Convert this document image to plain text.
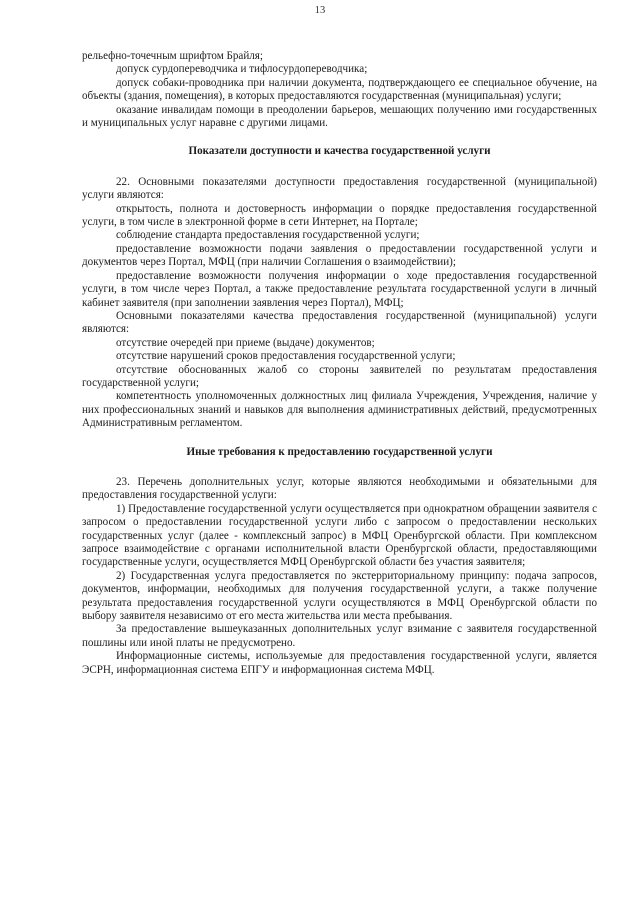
13

рельефно-точечным шрифтом Брайля;

допуск сурдопереводчика и тифлосурдопереводчика;

допуск собаки-проводника при наличии документа, подтверждающего ее специальное обучение, на объекты (здания, помещения), в которых предоставляются государственная (муниципальная) услуги;

оказание инвалидам помощи в преодолении барьеров, мешающих получению ими государственных и муниципальных услуг наравне с другими лицами.

Показатели доступности и качества государственной услуги

22. Основными показателями доступности предоставления государственной (муниципальной) услуги являются:

открытость, полнота и достоверность информации о порядке предоставления государственной услуги, в том числе в электронной форме в сети Интернет, на Портале;

соблюдение стандарта предоставления государственной услуги;

предоставление возможности подачи заявления о предоставлении государственной услуги и документов через Портал, МФЦ (при наличии Соглашения о взаимодействии);

предоставление возможности получения информации о ходе предоставления государственной услуги, в том числе через Портал, а также предоставление результата государственной услуги в личный кабинет заявителя (при заполнении заявления через Портал), МФЦ;

Основными показателями качества предоставления государственной (муниципальной) услуги являются:

отсутствие очередей при приеме (выдаче) документов;

отсутствие нарушений сроков предоставления государственной услуги;

отсутствие обоснованных жалоб со стороны заявителей по результатам предоставления государственной услуги;

компетентность уполномоченных должностных лиц филиала Учреждения, Учреждения, наличие у них профессиональных знаний и навыков для выполнения административных действий, предусмотренных Административным регламентом.

Иные требования к предоставлению государственной услуги

23. Перечень дополнительных услуг, которые являются необходимыми и обязательными для предоставления государственной услуги:

1) Предоставление государственной услуги осуществляется при однократном обращении заявителя с запросом о предоставлении государственной услуги либо с запросом о предоставлении нескольких государственных услуг (далее - комплексный запрос) в МФЦ Оренбургской области. При комплексном запросе взаимодействие с органами исполнительной власти Оренбургской области, предоставляющими государственные услуги, осуществляется МФЦ Оренбургской области без участия заявителя;

2) Государственная услуга предоставляется по экстерриториальному принципу: подача запросов, документов, информации, необходимых для получения государственной услуги, а также получение результата предоставления государственной услуги осуществляются в МФЦ Оренбургской области по выбору заявителя независимо от его места жительства или места пребывания.

За предоставление вышеуказанных дополнительных услуг взимание с заявителя государственной пошлины или иной платы не предусмотрено.

Информационные системы, используемые для предоставления государственной услуги, является ЭСРН, информационная система ЕПГУ и информационная система МФЦ.
